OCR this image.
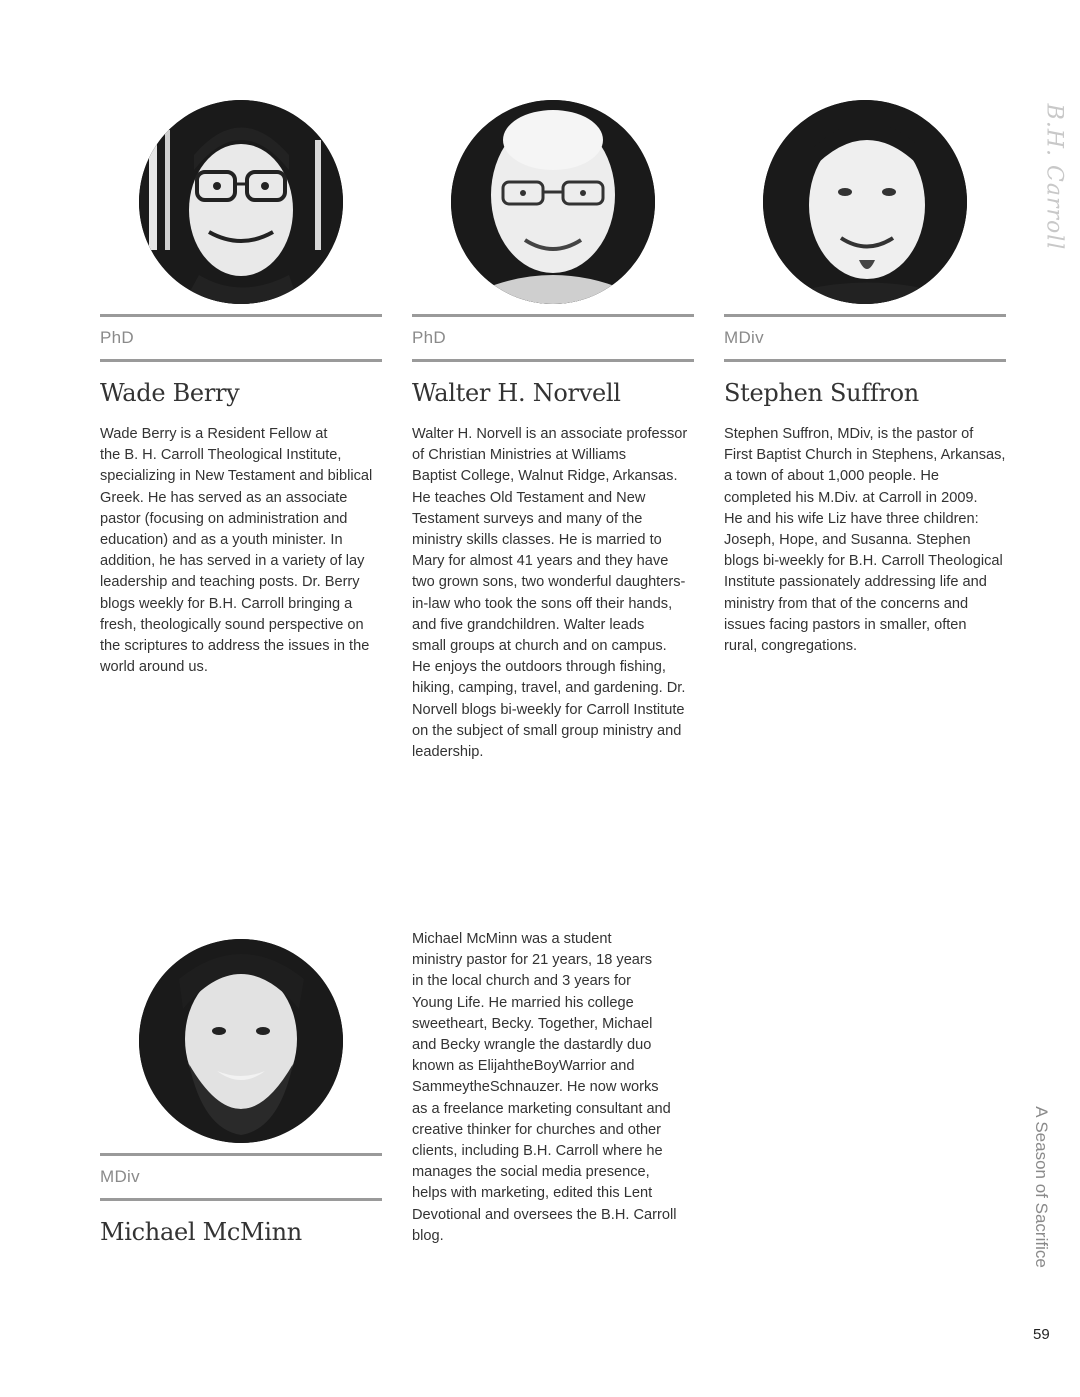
B.H. Carroll
A Season of Sacrifice
59
PhD
Wade Berry
Wade Berry is a Resident Fellow at
the B. H. Carroll Theological Institute,
specializing in New Testament and biblical
Greek. He has served as an associate
pastor (focusing on administration and
education) and as a youth minister. In
addition, he has served in a variety of lay
leadership and teaching posts. Dr. Berry
blogs weekly for B.H. Carroll bringing a
fresh, theologically sound perspective on
the scriptures to address the issues in the
world around us.
PhD
Walter H. Norvell
Walter H. Norvell is an associate professor
of Christian Ministries at Williams
Baptist College, Walnut Ridge, Arkansas.
He teaches Old Testament and New
Testament surveys and many of the
ministry skills classes. He is married to
Mary for almost 41 years and they have
two grown sons, two wonderful daughters-
in-law who took the sons off their hands,
and five grandchildren. Walter leads
small groups at church and on campus.
He enjoys the outdoors through fishing,
hiking, camping, travel, and gardening. Dr.
Norvell blogs bi-weekly for Carroll Institute
on the subject of small group ministry and
leadership.
MDiv
Stephen Suffron
Stephen Suffron, MDiv, is the pastor of
First Baptist Church in Stephens, Arkansas,
a town of about 1,000 people. He
completed his M.Div. at Carroll in 2009.
He and his wife Liz have three children:
Joseph, Hope, and Susanna. Stephen
blogs bi-weekly for B.H. Carroll Theological
Institute passionately addressing life and
ministry from that of the concerns and
issues facing pastors in smaller, often
rural, congregations.
MDiv
Michael McMinn
Michael McMinn was a student
ministry pastor for 21 years, 18 years
in the local church and 3 years for
Young Life. He married his college
sweetheart, Becky. Together, Michael
and Becky wrangle the dastardly duo
known as ElijahtheBoyWarrior and
SammeytheSchnauzer. He now works
as a freelance marketing consultant and
creative thinker for churches and other
clients, including B.H. Carroll where he
manages the social media presence,
helps with marketing, edited this Lent
Devotional and oversees the B.H. Carroll
blog.
